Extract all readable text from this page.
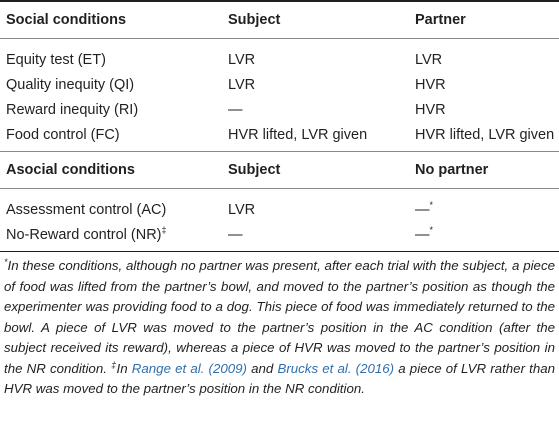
Social conditions	Subject	Partner
Equity test (ET)	LVR	LVR
Quality inequity (QI)	LVR	HVR
Reward inequity (RI)	—	HVR
Food control (FC)	HVR lifted, LVR given	HVR lifted, LVR given
Asocial conditions	Subject	No partner
Assessment control (AC)	LVR	—*
No-Reward control (NR)‡	—	—*
*In these conditions, although no partner was present, after each trial with the subject, a piece of food was lifted from the partner’s bowl, and moved to the partner’s position as though the experimenter was providing food to a dog. This piece of food was immediately returned to the bowl. A piece of LVR was moved to the partner’s position in the AC condition (after the subject received its reward), whereas a piece of HVR was moved to the partner’s position in the NR condition. ‡In Range et al. (2009) and Brucks et al. (2016) a piece of LVR rather than HVR was moved to the partner’s position in the NR condition.
